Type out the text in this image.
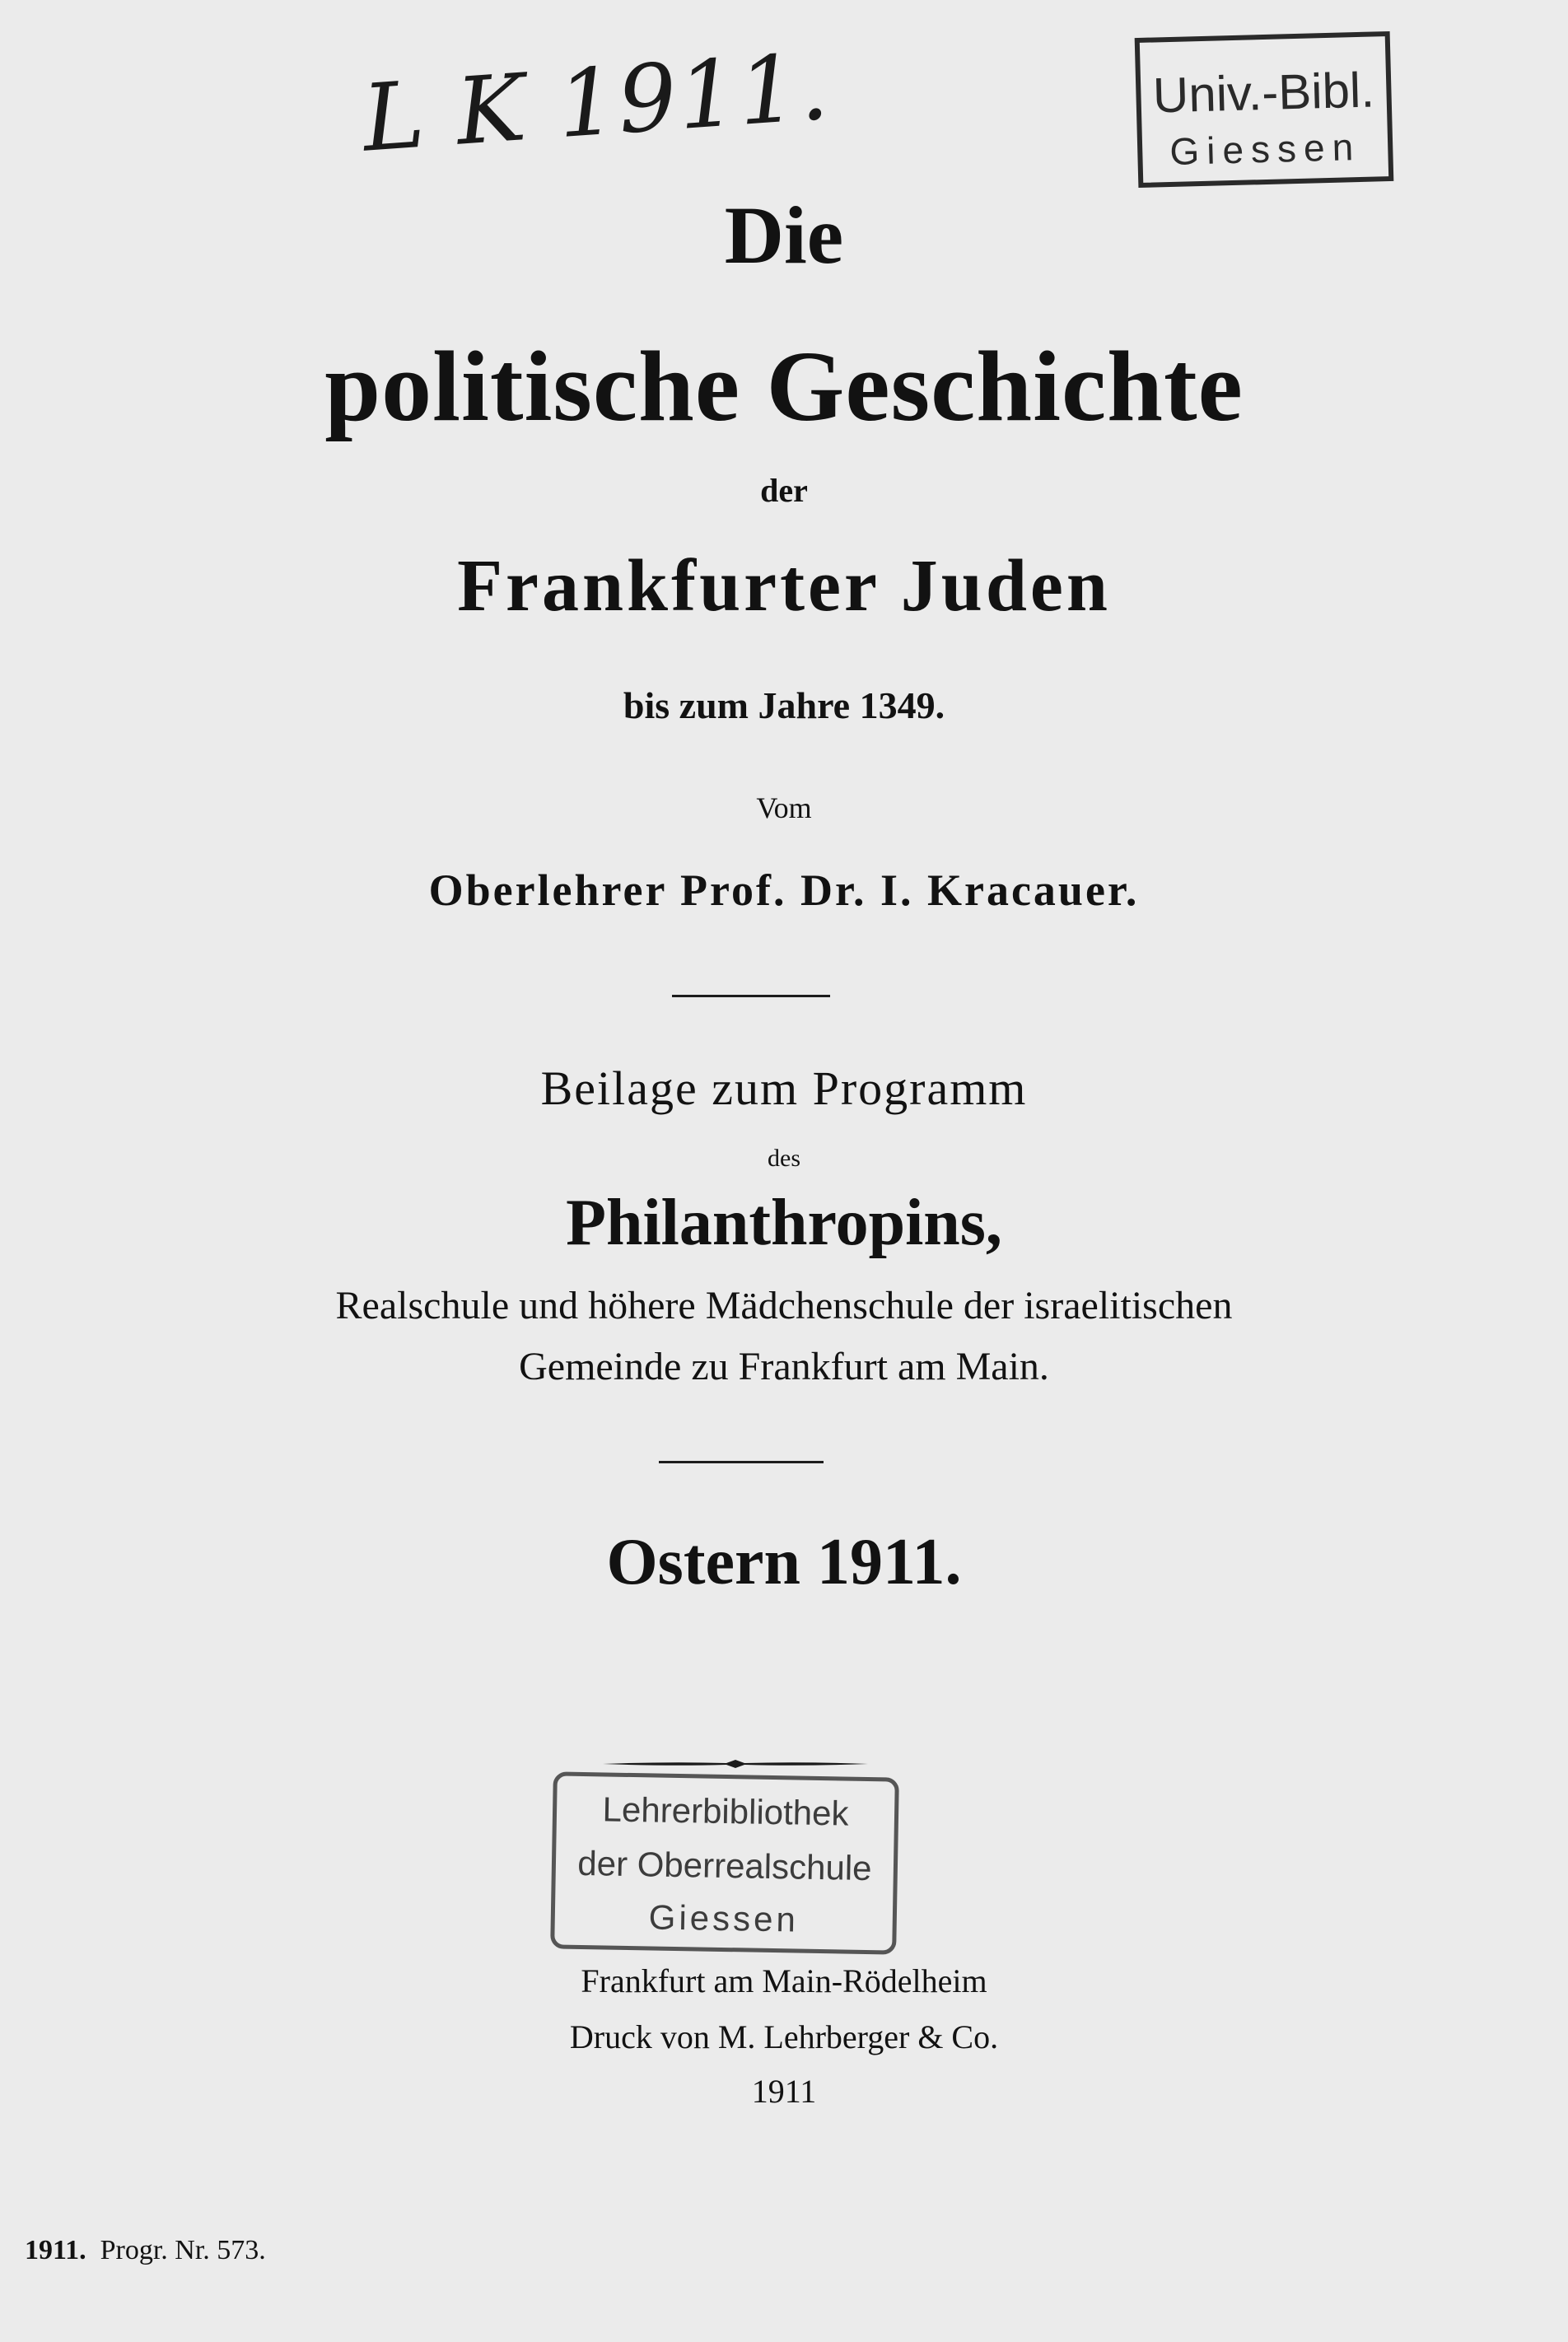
L K 1911.	Univ.-Bibl.
Giessen
Die
politische Geschichte
der
Frankfurter Juden
bis zum Jahre 1349.
Vom
Oberlehrer Prof. Dr. I. Kracauer.
Beilage zum Programm
des
Philanthropins,
Realschule und höhere Mädchenschule der israelitischen
Gemeinde zu Frankfurt am Main.
Ostern 1911.
Lehrerbibliothek
der Oberrealschule
Giessen
Frankfurt am Main-Rödelheim
Druck von M. Lehrberger & Co.
1911
1911. Progr. Nr. 573.
